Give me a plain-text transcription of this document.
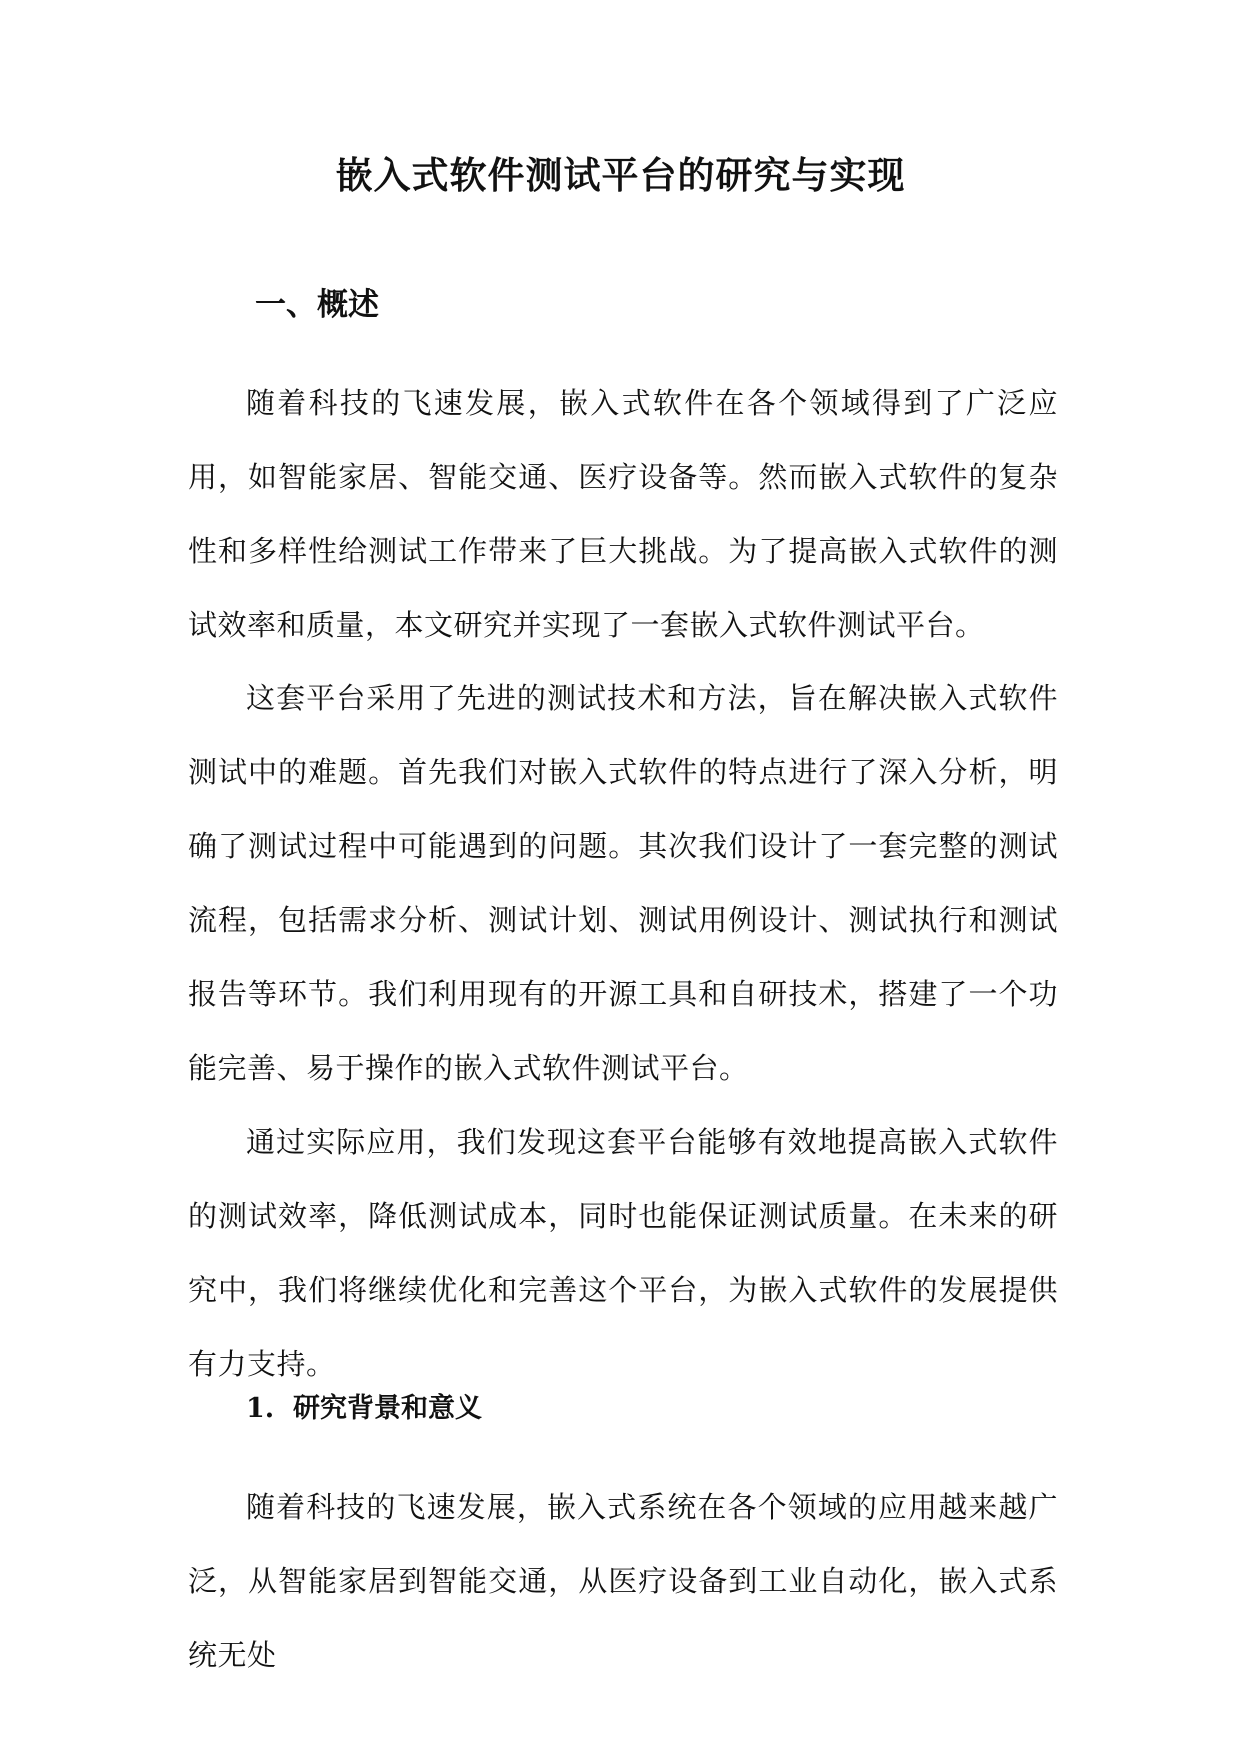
嵌入式软件测试平台的研究与实现
一、概述

随着科技的飞速发展，嵌入式软件在各个领域得到了广泛应用，如智能家居、智能交通、医疗设备等。然而嵌入式软件的复杂性和多样性给测试工作带来了巨大挑战。为了提高嵌入式软件的测试效率和质量，本文研究并实现了一套嵌入式软件测试平台。

这套平台采用了先进的测试技术和方法，旨在解决嵌入式软件测试中的难题。首先我们对嵌入式软件的特点进行了深入分析，明确了测试过程中可能遇到的问题。其次我们设计了一套完整的测试流程，包括需求分析、测试计划、测试用例设计、测试执行和测试报告等环节。我们利用现有的开源工具和自研技术，搭建了一个功能完善、易于操作的嵌入式软件测试平台。

通过实际应用，我们发现这套平台能够有效地提高嵌入式软件的测试效率，降低测试成本，同时也能保证测试质量。在未来的研究中，我们将继续优化和完善这个平台，为嵌入式软件的发展提供有力支持。

1.  研究背景和意义

随着科技的飞速发展，嵌入式系统在各个领域的应用越来越广泛，从智能家居到智能交通，从医疗设备到工业自动化，嵌入式系统无处
